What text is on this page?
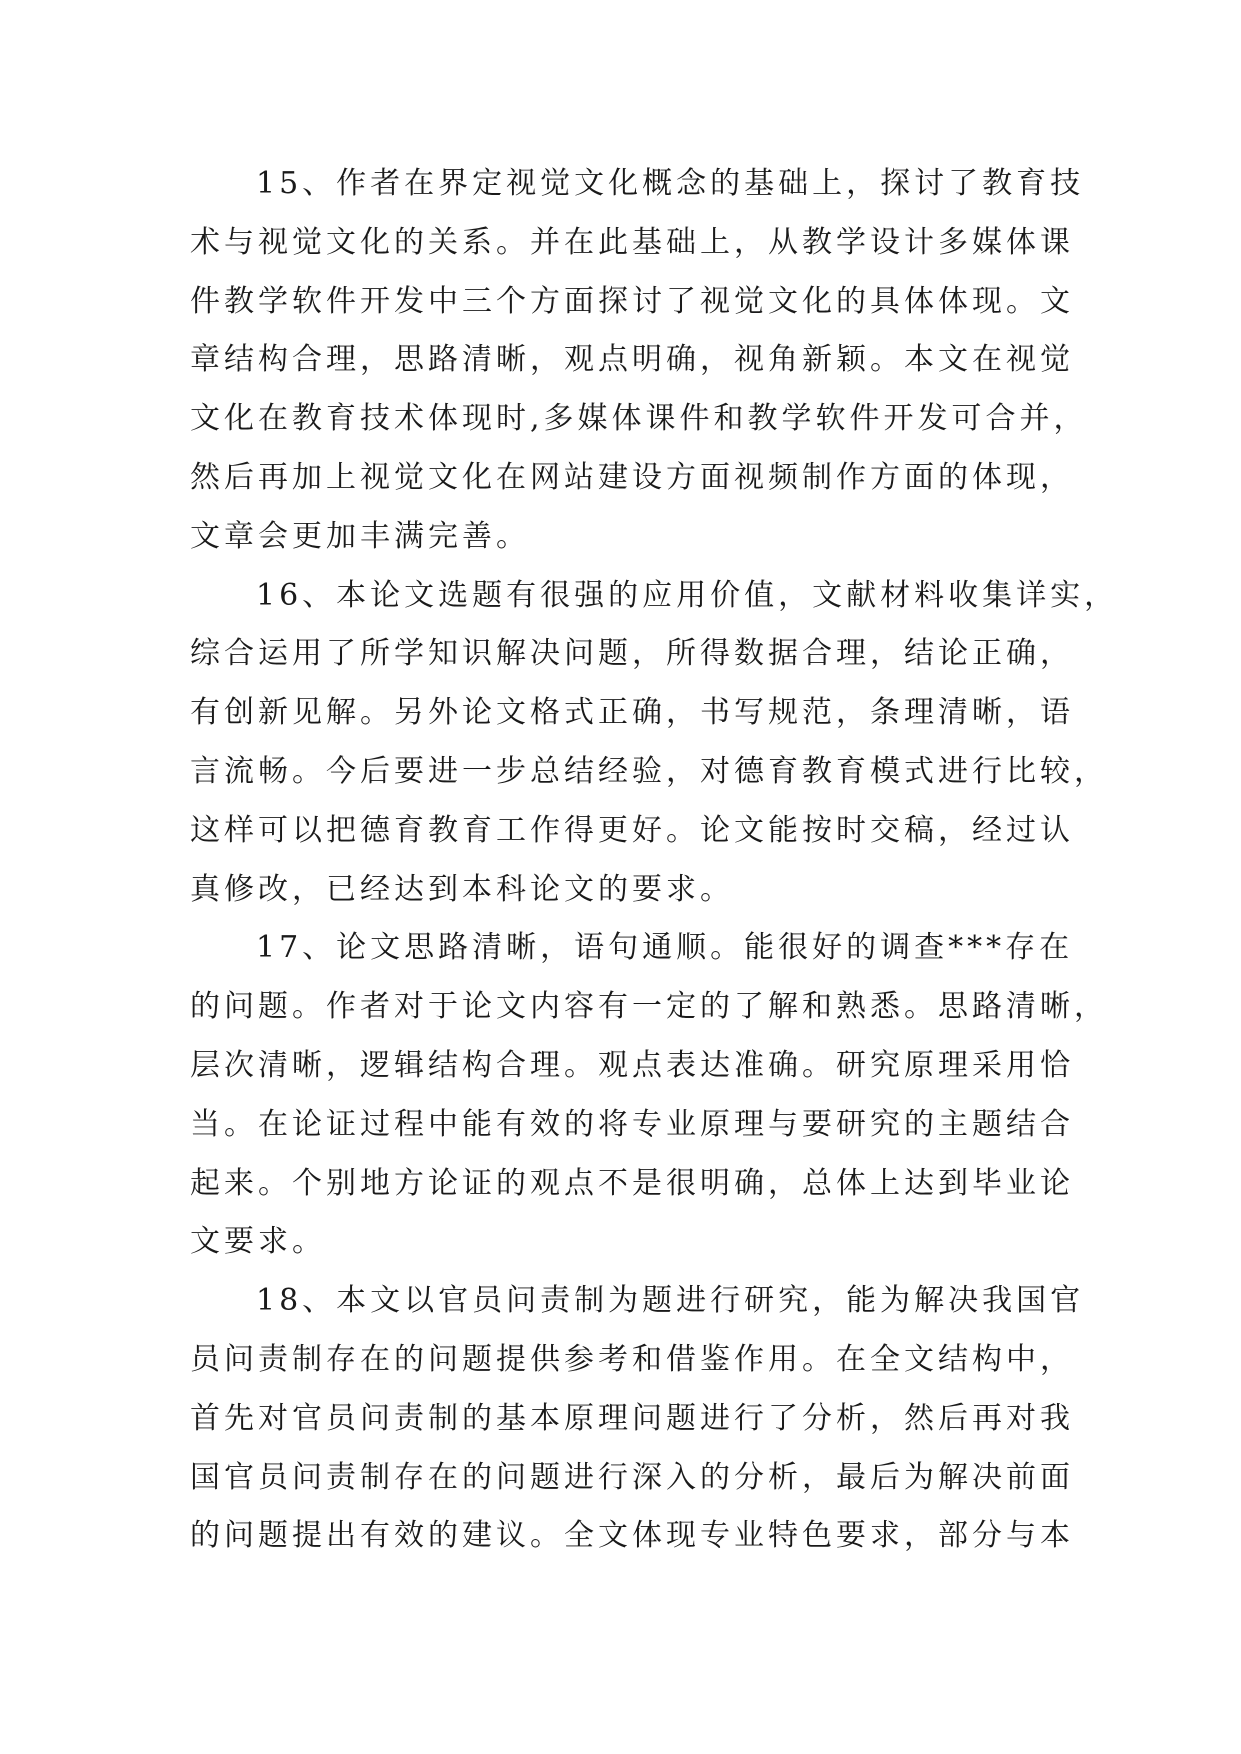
15、作者在界定视觉文化概念的基础上，探讨了教育技
术与视觉文化的关系。并在此基础上，从教学设计多媒体课
件教学软件开发中三个方面探讨了视觉文化的具体体现。文
章结构合理，思路清晰，观点明确，视角新颖。本文在视觉
文化在教育技术体现时,多媒体课件和教学软件开发可合并，
然后再加上视觉文化在网站建设方面视频制作方面的体现，
文章会更加丰满完善。
16、本论文选题有很强的应用价值，文献材料收集详实，
综合运用了所学知识解决问题，所得数据合理，结论正确，
有创新见解。另外论文格式正确，书写规范，条理清晰，语
言流畅。今后要进一步总结经验，对德育教育模式进行比较，
这样可以把德育教育工作得更好。论文能按时交稿，经过认
真修改，已经达到本科论文的要求。
17、论文思路清晰，语句通顺。能很好的调查***存在
的问题。作者对于论文内容有一定的了解和熟悉。思路清晰，
层次清晰，逻辑结构合理。观点表达准确。研究原理采用恰
当。在论证过程中能有效的将专业原理与要研究的主题结合
起来。个别地方论证的观点不是很明确，总体上达到毕业论
文要求。
18、本文以官员问责制为题进行研究，能为解决我国官
员问责制存在的问题提供参考和借鉴作用。在全文结构中，
首先对官员问责制的基本原理问题进行了分析，然后再对我
国官员问责制存在的问题进行深入的分析，最后为解决前面
的问题提出有效的建议。全文体现专业特色要求，部分与本
